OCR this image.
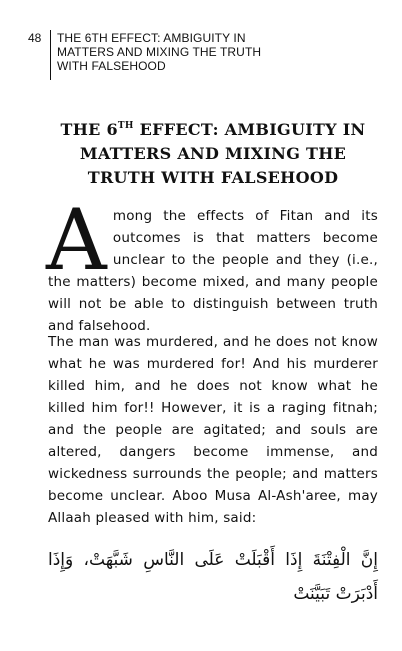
48	THE 6TH EFFECT: AMBIGUITY IN
MATTERS AND MIXING THE TRUTH
WITH FALSEHOOD
THE 6TH EFFECT: AMBIGUITY IN MATTERS AND MIXING THE TRUTH WITH FALSEHOOD
Among the effects of Fitan and its outcomes is that matters become unclear to the people and they (i.e., the matters) become mixed, and many people will not be able to distinguish between truth and falsehood.
The man was murdered, and he does not know what he was murdered for! And his murderer killed him, and he does not know what he killed him for!! However, it is a raging fitnah; and the people are agitated; and souls are altered, dangers become immense, and wickedness surrounds the people; and matters become unclear. Aboo Musa Al-Ash'aree, may Allaah pleased with him, said:
إِنَّ الْفِتْنَةَ إِذَا أَقْبَلَتْ عَلَى النَّاسِ شَبَّهَتْ، وَإِذَا أَدْبَرَتْ تَبَيَّنَتْ
